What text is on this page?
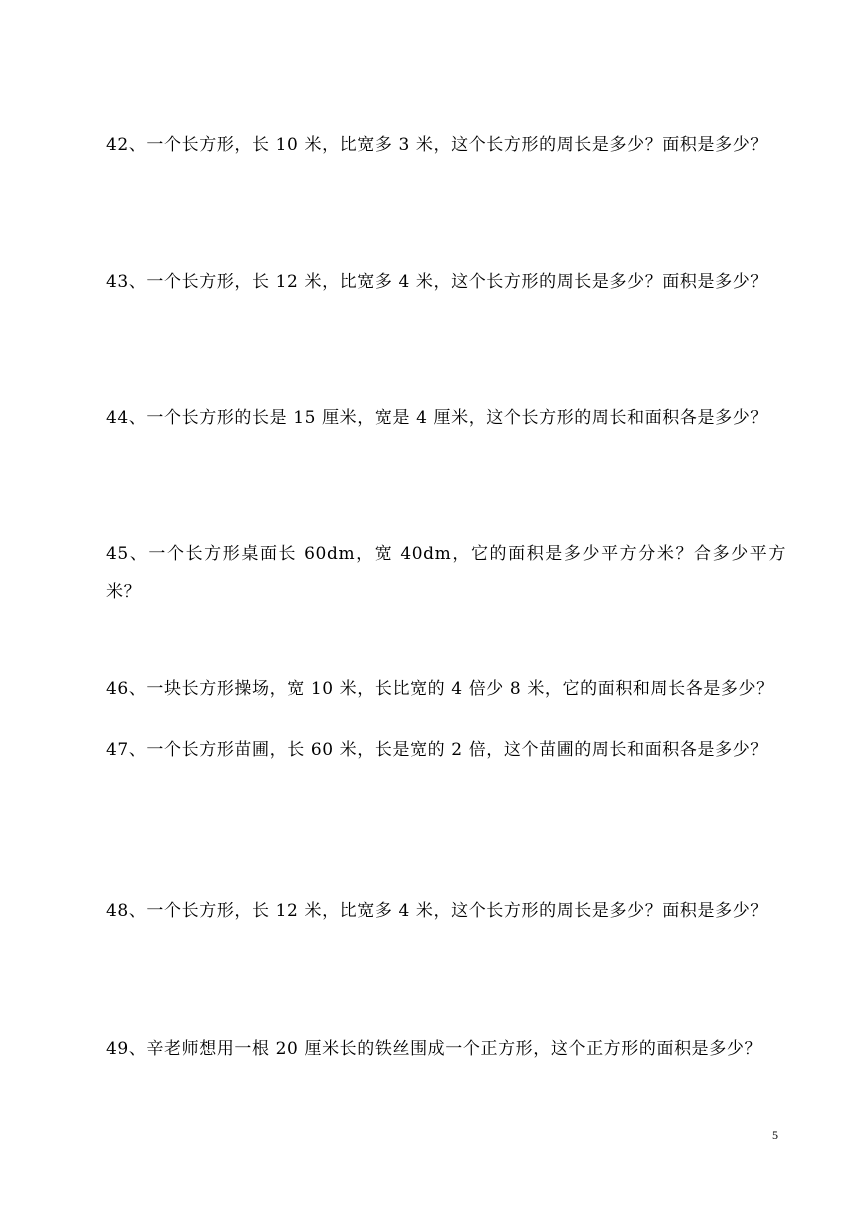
42、一个长方形，长 10 米，比宽多 3 米，这个长方形的周长是多少？面积是多少？
43、一个长方形，长 12 米，比宽多 4 米，这个长方形的周长是多少？面积是多少？
44、一个长方形的长是 15 厘米，宽是 4 厘米，这个长方形的周长和面积各是多少？
45、一个长方形桌面长 60dm，宽 40dm，它的面积是多少平方分米？合多少平方米？
46、一块长方形操场，宽 10 米，长比宽的 4 倍少 8 米，它的面积和周长各是多少？
47、一个长方形苗圃，长 60 米，长是宽的 2 倍，这个苗圃的周长和面积各是多少？
48、一个长方形，长 12 米，比宽多 4 米，这个长方形的周长是多少？面积是多少？
49、辛老师想用一根 20 厘米长的铁丝围成一个正方形，这个正方形的面积是多少？
5
